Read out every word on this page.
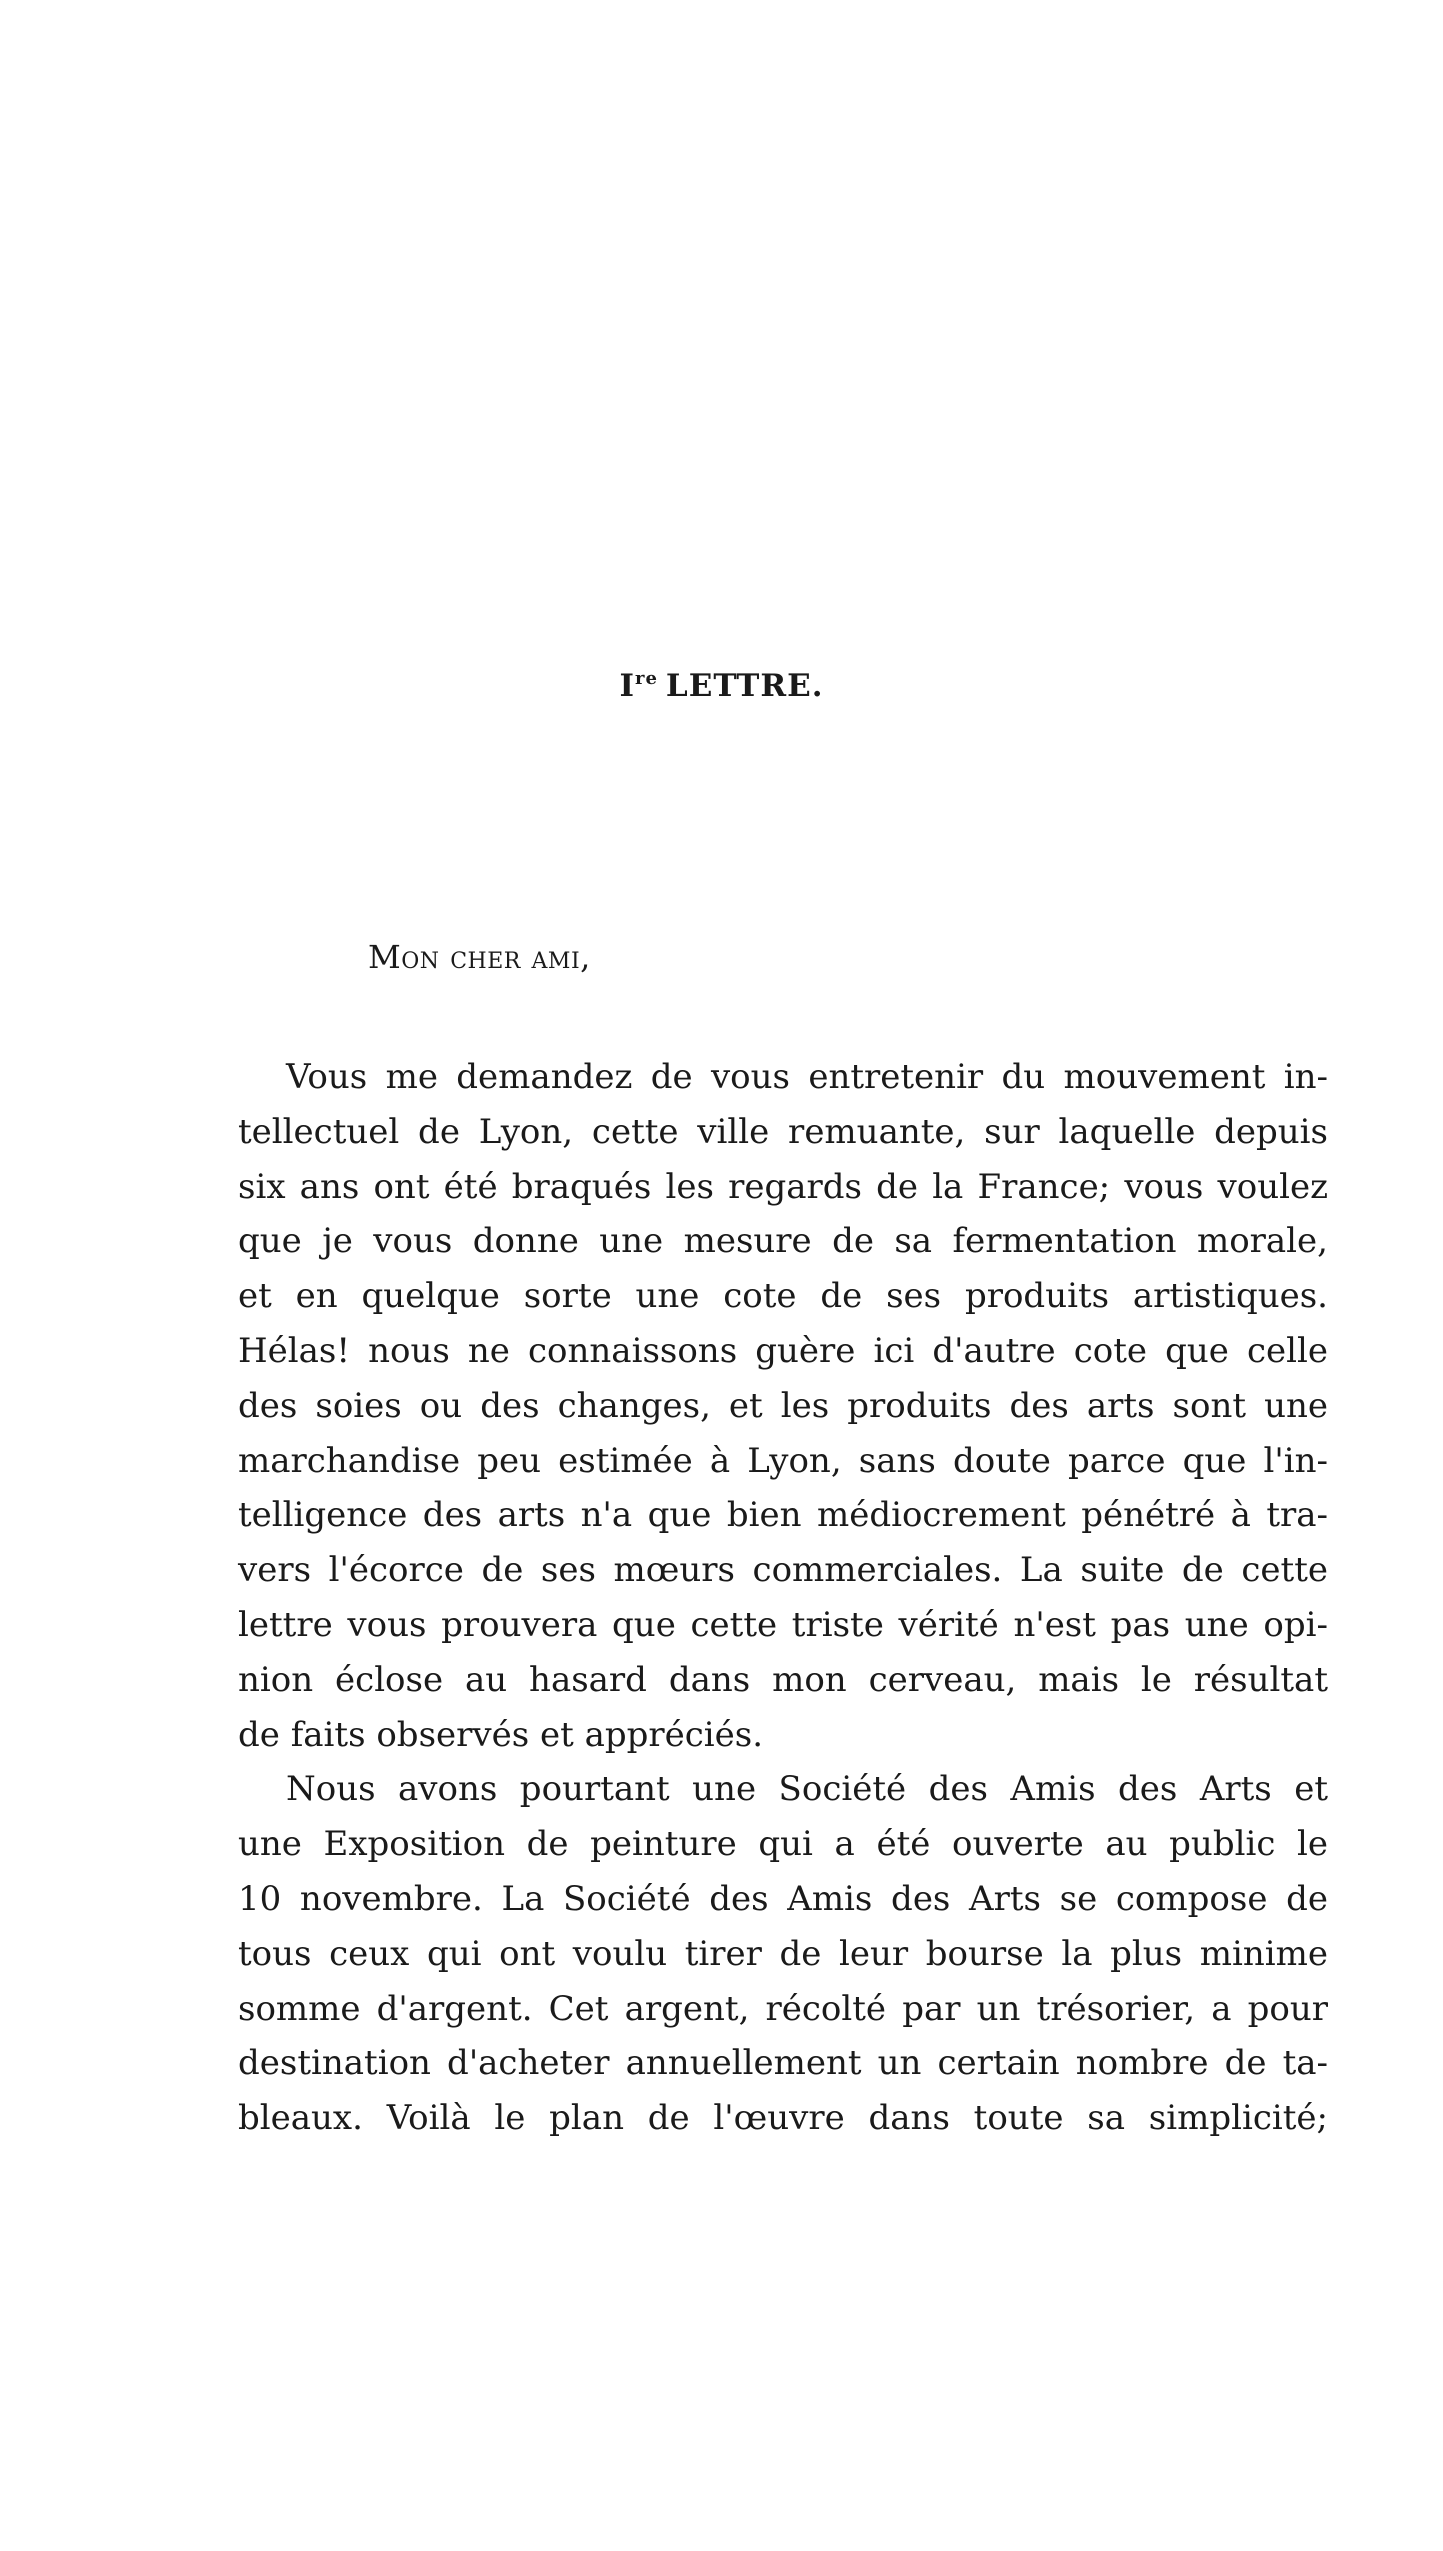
Ire LETTRE.

Mon cher ami,

Vous me demandez de vous entretenir du mouvement in-
tellectuel de Lyon, cette ville remuante, sur laquelle depuis
six ans ont été braqués les regards de la France; vous voulez
que je vous donne une mesure de sa fermentation morale,
et en quelque sorte une cote de ses produits artistiques.
Hélas! nous ne connaissons guère ici d'autre cote que celle
des soies ou des changes, et les produits des arts sont une
marchandise peu estimée à Lyon, sans doute parce que l'in-
telligence des arts n'a que bien médiocrement pénétré à tra-
vers l'écorce de ses mœurs commerciales. La suite de cette
lettre vous prouvera que cette triste vérité n'est pas une opi-
nion éclose au hasard dans mon cerveau, mais le résultat
de faits observés et appréciés.
Nous avons pourtant une Société des Amis des Arts et
une Exposition de peinture qui a été ouverte au public le
10 novembre. La Société des Amis des Arts se compose de
tous ceux qui ont voulu tirer de leur bourse la plus minime
somme d'argent. Cet argent, récolté par un trésorier, a pour
destination d'acheter annuellement un certain nombre de ta-
bleaux. Voilà le plan de l'œuvre dans toute sa simplicité;
